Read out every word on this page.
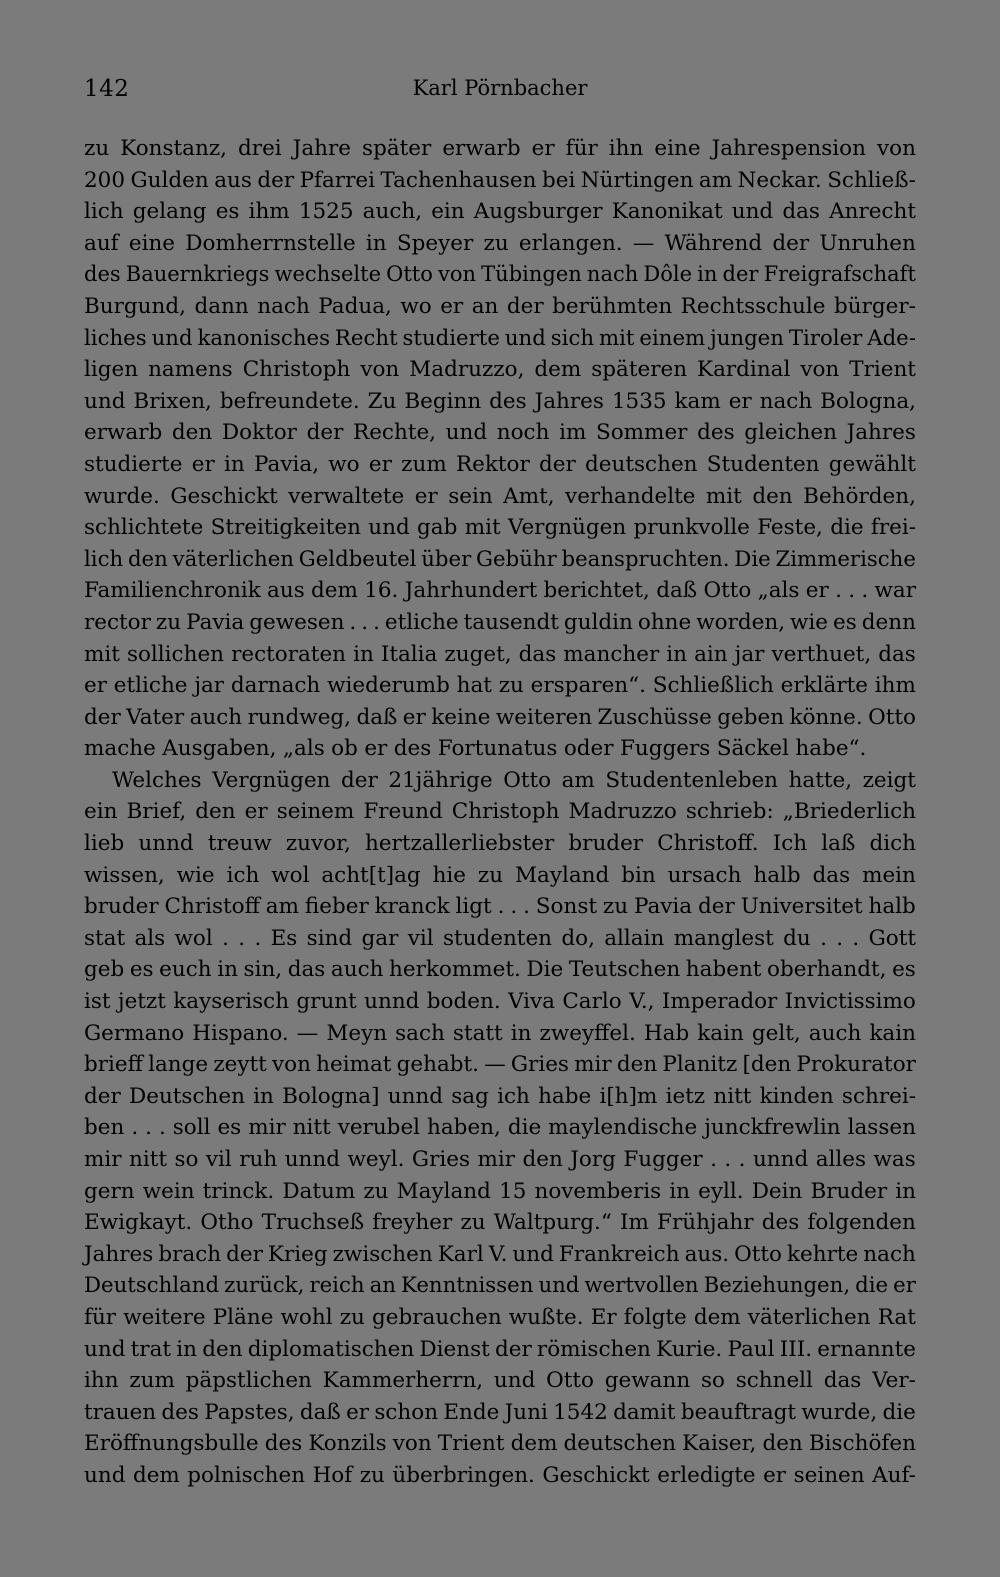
142	Karl Pörnbacher
zu Konstanz, drei Jahre später erwarb er für ihn eine Jahrespension von
200 Gulden aus der Pfarrei Tachenhausen bei Nürtingen am Neckar. Schließ-
lich gelang es ihm 1525 auch, ein Augsburger Kanonikat und das Anrecht
auf eine Domherrnstelle in Speyer zu erlangen. — Während der Unruhen
des Bauernkriegs wechselte Otto von Tübingen nach Dôle in der Freigrafschaft
Burgund, dann nach Padua, wo er an der berühmten Rechtsschule bürger-
liches und kanonisches Recht studierte und sich mit einem jungen Tiroler Ade-
ligen namens Christoph von Madruzzo, dem späteren Kardinal von Trient
und Brixen, befreundete. Zu Beginn des Jahres 1535 kam er nach Bologna,
erwarb den Doktor der Rechte, und noch im Sommer des gleichen Jahres
studierte er in Pavia, wo er zum Rektor der deutschen Studenten gewählt
wurde. Geschickt verwaltete er sein Amt, verhandelte mit den Behörden,
schlichtete Streitigkeiten und gab mit Vergnügen prunkvolle Feste, die frei-
lich den väterlichen Geldbeutel über Gebühr beanspruchten. Die Zimmerische
Familienchronik aus dem 16. Jahrhundert berichtet, daß Otto „als er . . . war
rector zu Pavia gewesen . . . etliche tausendt guldin ohne worden, wie es denn
mit sollichen rectoraten in Italia zuget, das mancher in ain jar verthuet, das
er etliche jar darnach wiederumb hat zu ersparen“. Schließlich erklärte ihm
der Vater auch rundweg, daß er keine weiteren Zuschüsse geben könne. Otto
mache Ausgaben, „als ob er des Fortunatus oder Fuggers Säckel habe“.
Welches Vergnügen der 21jährige Otto am Studentenleben hatte, zeigt
ein Brief, den er seinem Freund Christoph Madruzzo schrieb: „Briederlich
lieb unnd treuw zuvor, hertzallerliebster bruder Christoff. Ich laß dich
wissen, wie ich wol acht[t]ag hie zu Mayland bin ursach halb das mein
bruder Christoff am fieber kranck ligt . . . Sonst zu Pavia der Universitet halb
stat als wol . . . Es sind gar vil studenten do, allain manglest du . . . Gott
geb es euch in sin, das auch herkommet. Die Teutschen habent oberhandt, es
ist jetzt kayserisch grunt unnd boden. Viva Carlo V., Imperador Invictissimo
Germano Hispano. — Meyn sach statt in zweyffel. Hab kain gelt, auch kain
brieff lange zeytt von heimat gehabt. — Gries mir den Planitz [den Prokurator
der Deutschen in Bologna] unnd sag ich habe i[h]m ietz nitt kinden schrei-
ben . . . soll es mir nitt verubel haben, die maylendische junckfrewlin lassen
mir nitt so vil ruh unnd weyl. Gries mir den Jorg Fugger . . . unnd alles was
gern wein trinck. Datum zu Mayland 15 novemberis in eyll. Dein Bruder in
Ewigkayt. Otho Truchseß freyher zu Waltpurg.“ Im Frühjahr des folgenden
Jahres brach der Krieg zwischen Karl V. und Frankreich aus. Otto kehrte nach
Deutschland zurück, reich an Kenntnissen und wertvollen Beziehungen, die er
für weitere Pläne wohl zu gebrauchen wußte. Er folgte dem väterlichen Rat
und trat in den diplomatischen Dienst der römischen Kurie. Paul III. ernannte
ihn zum päpstlichen Kammerherrn, und Otto gewann so schnell das Ver-
trauen des Papstes, daß er schon Ende Juni 1542 damit beauftragt wurde, die
Eröffnungsbulle des Konzils von Trient dem deutschen Kaiser, den Bischöfen
und dem polnischen Hof zu überbringen. Geschickt erledigte er seinen Auf-
